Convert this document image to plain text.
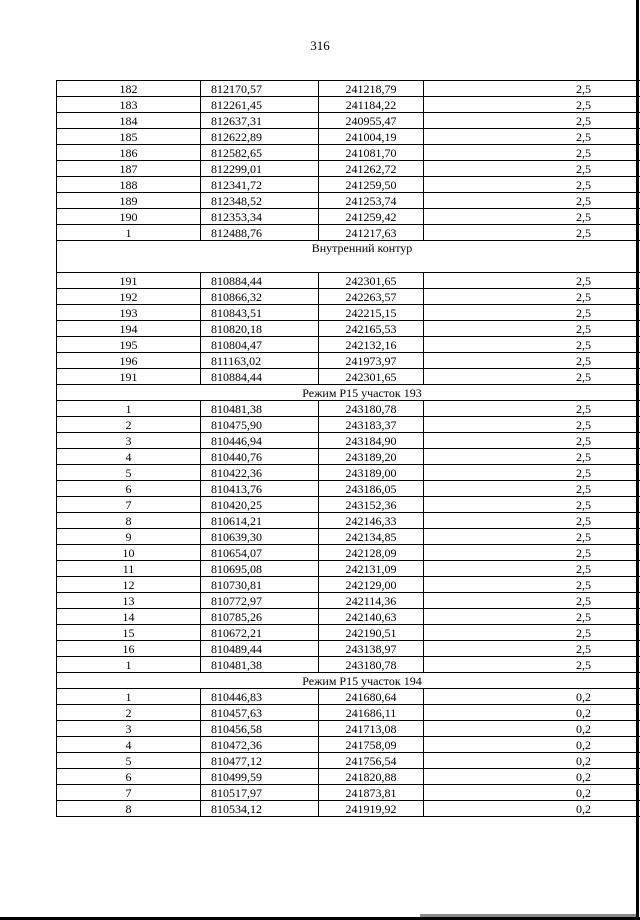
316
182	812170,57	241218,79	2,5
183	812261,45	241184,22	2,5
184	812637,31	240955,47	2,5
185	812622,89	241004,19	2,5
186	812582,65	241081,70	2,5
187	812299,01	241262,72	2,5
188	812341,72	241259,50	2,5
189	812348,52	241253,74	2,5
190	812353,34	241259,42	2,5
1	812488,76	241217,63	2,5
Внутренний контур			
191	810884,44	242301,65	2,5
192	810866,32	242263,57	2,5
193	810843,51	242215,15	2,5
194	810820,18	242165,53	2,5
195	810804,47	242132,16	2,5
196	811163,02	241973,97	2,5
191	810884,44	242301,65	2,5
Режим Р15 участок 193			
1	810481,38	243180,78	2,5
2	810475,90	243183,37	2,5
3	810446,94	243184,90	2,5
4	810440,76	243189,20	2,5
5	810422,36	243189,00	2,5
6	810413,76	243186,05	2,5
7	810420,25	243152,36	2,5
8	810614,21	242146,33	2,5
9	810639,30	242134,85	2,5
10	810654,07	242128,09	2,5
11	810695,08	242131,09	2,5
12	810730,81	242129,00	2,5
13	810772,97	242114,36	2,5
14	810785,26	242140,63	2,5
15	810672,21	242190,51	2,5
16	810489,44	243138,97	2,5
1	810481,38	243180,78	2,5
Режим Р15 участок 194			
1	810446,83	241680,64	0,2
2	810457,63	241686,11	0,2
3	810456,58	241713,08	0,2
4	810472,36	241758,09	0,2
5	810477,12	241756,54	0,2
6	810499,59	241820,88	0,2
7	810517,97	241873,81	0,2
8	810534,12	241919,92	0,2
